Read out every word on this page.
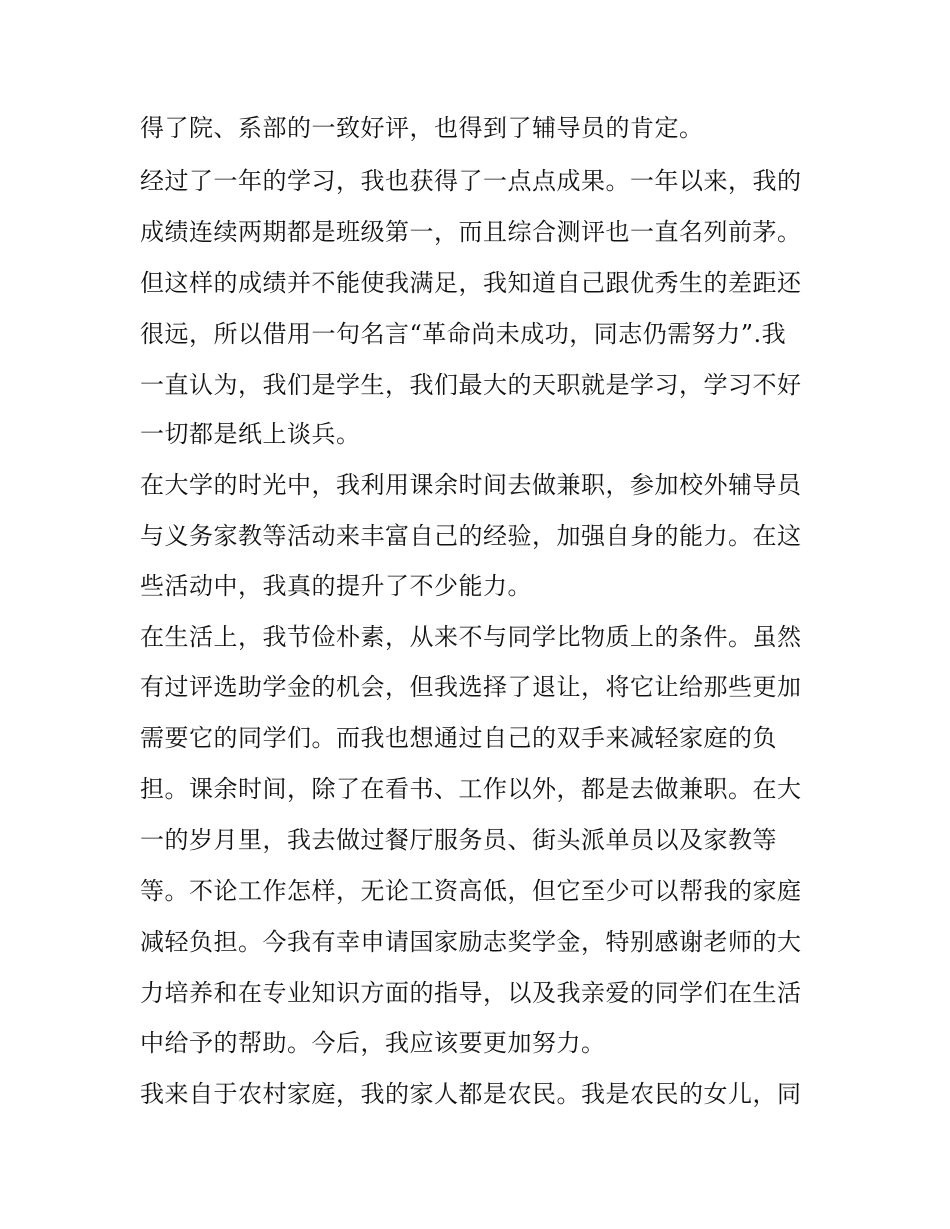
得了院、系部的一致好评，也得到了辅导员的肯定。
经过了一年的学习，我也获得了一点点成果。一年以来，我的
成绩连续两期都是班级第一，而且综合测评也一直名列前茅。
但这样的成绩并不能使我满足，我知道自己跟优秀生的差距还
很远，所以借用一句名言“革命尚未成功，同志仍需努力”.我
一直认为，我们是学生，我们最大的天职就是学习，学习不好
一切都是纸上谈兵。
在大学的时光中，我利用课余时间去做兼职，参加校外辅导员
与义务家教等活动来丰富自己的经验，加强自身的能力。在这
些活动中，我真的提升了不少能力。
在生活上，我节俭朴素，从来不与同学比物质上的条件。虽然
有过评选助学金的机会，但我选择了退让，将它让给那些更加
需要它的同学们。而我也想通过自己的双手来减轻家庭的负
担。课余时间，除了在看书、工作以外，都是去做兼职。在大
一的岁月里，我去做过餐厅服务员、街头派单员以及家教等
等。不论工作怎样，无论工资高低，但它至少可以帮我的家庭
减轻负担。今我有幸申请国家励志奖学金，特别感谢老师的大
力培养和在专业知识方面的指导，以及我亲爱的同学们在生活
中给予的帮助。今后，我应该要更加努力。
我来自于农村家庭，我的家人都是农民。我是农民的女儿，同
